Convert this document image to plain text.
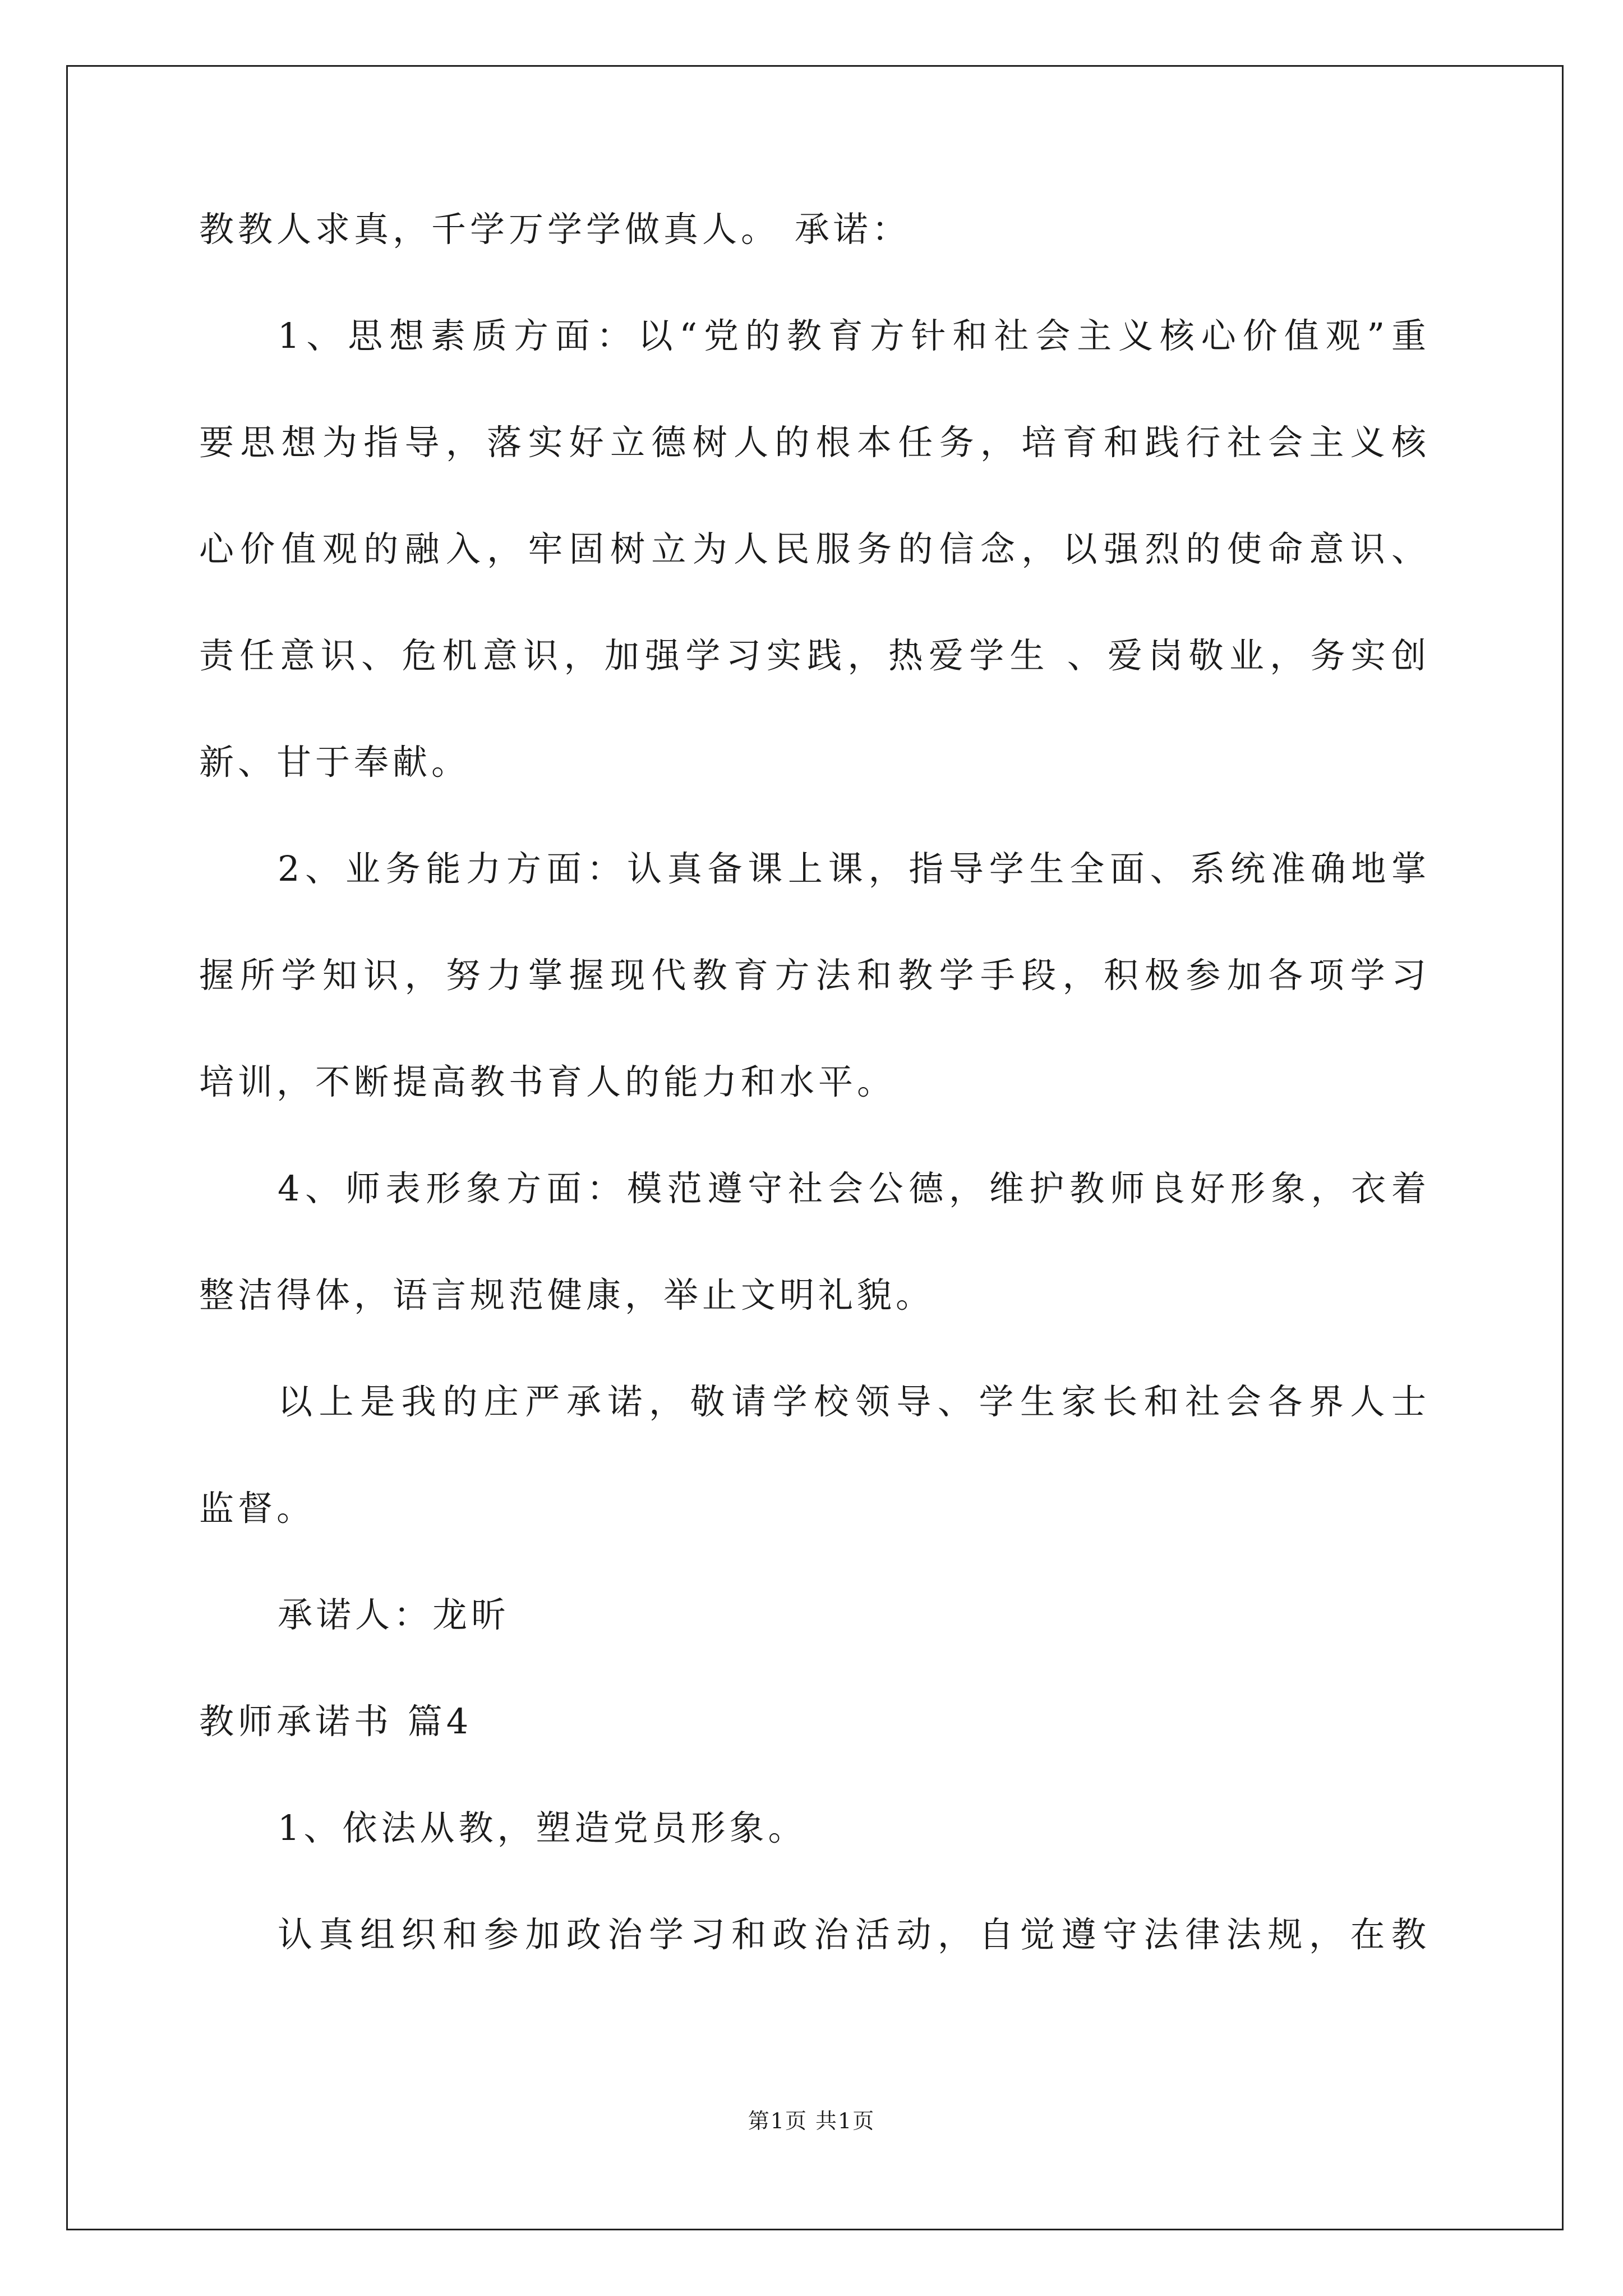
教教人求真，千学万学学做真人。 承诺：
1、思想素质方面：以“党的教育方针和社会主义核心价值观”重
要思想为指导，落实好立德树人的根本任务，培育和践行社会主义核
心价值观的融入，牢固树立为人民服务的信念，以强烈的使命意识、
责任意识、危机意识，加强学习实践，热爱学生 、爱岗敬业，务实创
新、甘于奉献。
2、业务能力方面：认真备课上课，指导学生全面、系统准确地掌
握所学知识，努力掌握现代教育方法和教学手段，积极参加各项学习
培训，不断提高教书育人的能力和水平。
4、师表形象方面：模范遵守社会公德，维护教师良好形象，衣着
整洁得体，语言规范健康，举止文明礼貌。
以上是我的庄严承诺，敬请学校领导、学生家长和社会各界人士
监督。
承诺人：龙昕
教师承诺书 篇4
1、依法从教，塑造党员形象。
认真组织和参加政治学习和政治活动，自觉遵守法律法规，在教
第1页 共1页
